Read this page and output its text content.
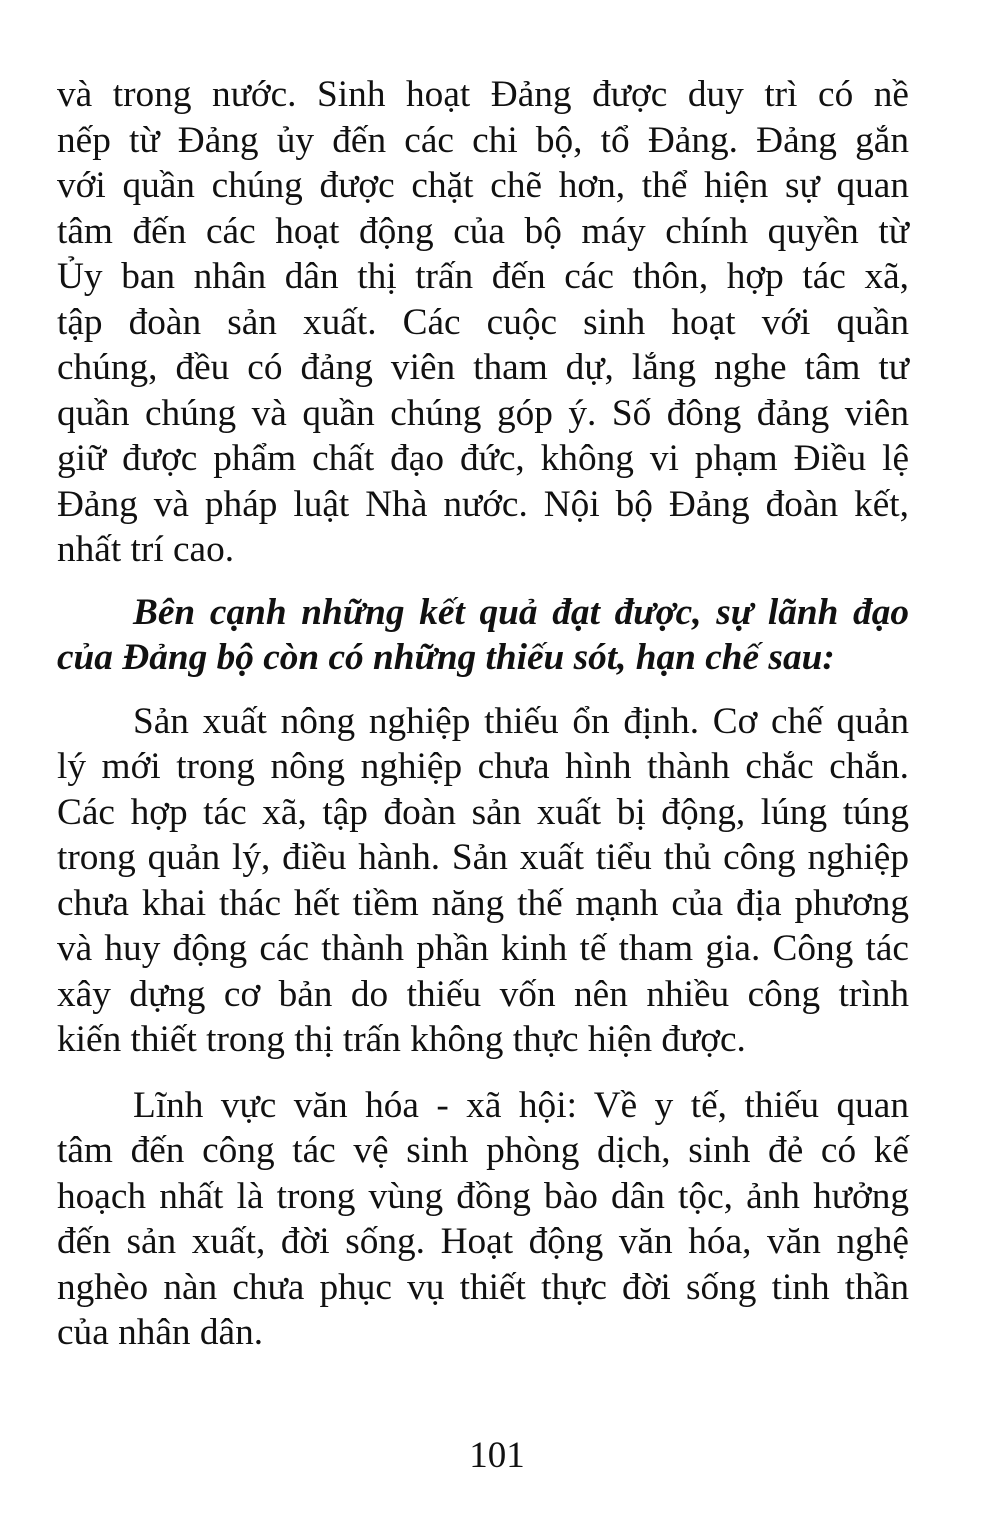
và trong nước. Sinh hoạt Đảng được duy trì có nề
nếp từ Đảng ủy đến các chi bộ, tổ Đảng. Đảng gắn
với quần chúng được chặt chẽ hơn, thể hiện sự quan
tâm đến các hoạt động của bộ máy chính quyền từ
Ủy ban nhân dân thị trấn đến các thôn, hợp tác xã,
tập đoàn sản xuất. Các cuộc sinh hoạt với quần
chúng, đều có đảng viên tham dự, lắng nghe tâm tư
quần chúng và quần chúng góp ý. Số đông đảng viên
giữ được phẩm chất đạo đức, không vi phạm Điều lệ
Đảng và pháp luật Nhà nước. Nội bộ Đảng đoàn kết,
nhất trí cao.

Bên cạnh những kết quả đạt được, sự lãnh đạo
của Đảng bộ còn có những thiếu sót, hạn chế sau:

Sản xuất nông nghiệp thiếu ổn định. Cơ chế quản
lý mới trong nông nghiệp chưa hình thành chắc chắn.
Các hợp tác xã, tập đoàn sản xuất bị động, lúng túng
trong quản lý, điều hành. Sản xuất tiểu thủ công nghiệp
chưa khai thác hết tiềm năng thế mạnh của địa phương
và huy động các thành phần kinh tế tham gia. Công tác
xây dựng cơ bản do thiếu vốn nên nhiều công trình
kiến thiết trong thị trấn không thực hiện được.

Lĩnh vực văn hóa - xã hội: Về y tế, thiếu quan
tâm đến công tác vệ sinh phòng dịch, sinh đẻ có kế
hoạch nhất là trong vùng đồng bào dân tộc, ảnh hưởng
đến sản xuất, đời sống. Hoạt động văn hóa, văn nghệ
nghèo nàn chưa phục vụ thiết thực đời sống tinh thần
của nhân dân.

101
